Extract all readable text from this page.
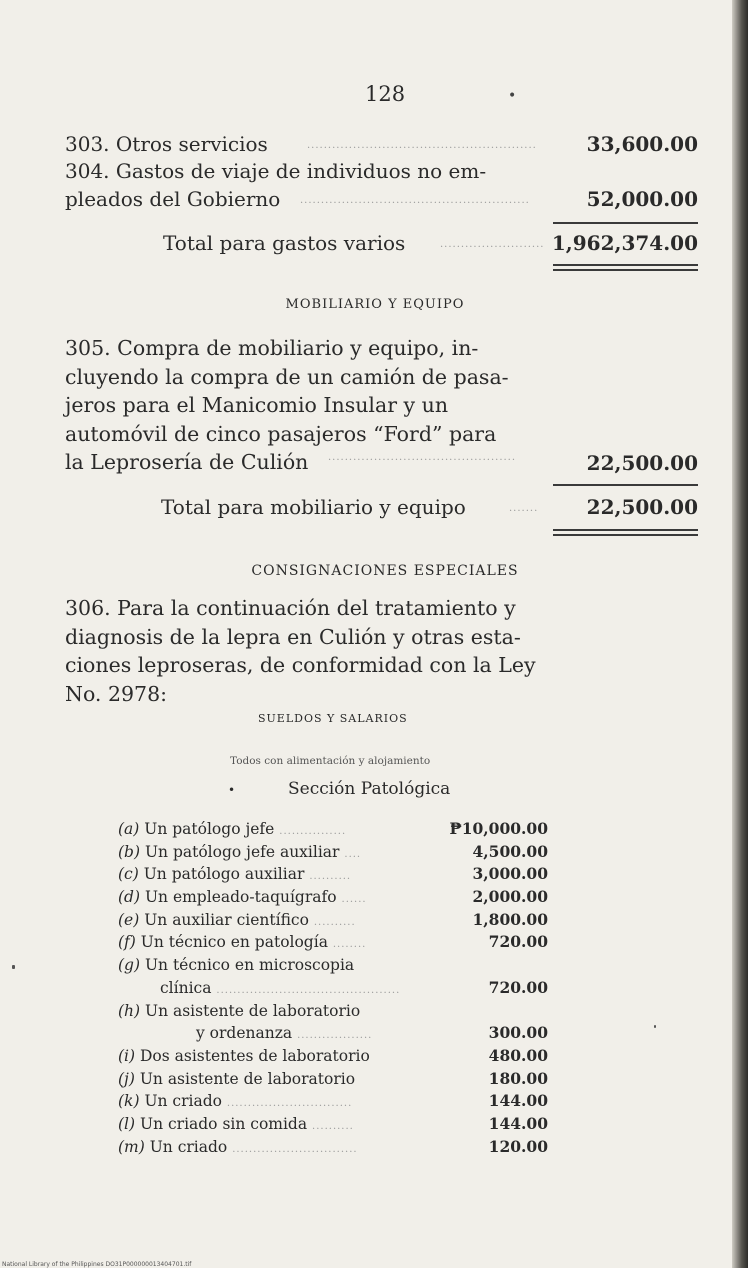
128	•
303. Otros servicios	....................................................... 33,600.00
304. Gastos de viaje de individuos no em-
pleados del Gobierno .......................................................	52,000.00
Total para gastos varios	......................... 1,962,374.00
MOBILIARIO Y EQUIPO

305. Compra de mobiliario y equipo, in-

cluyendo la compra de un camión de pasa-

jeros para el Manicomio Insular y un

automóvil de cinco pasajeros “Ford” para

la Leprosería de Culión	.............................................	22,500.00
Total para mobiliario y equipo	....... 22,500.00
CONSIGNACIONES ESPECIALES

306. Para la continuación del tratamiento y

diagnosis de la lepra en Culión y otras esta-

ciones leproseras, de conformidad con la Ley

No. 2978:

SUELDOS Y SALARIOS
Todos con alimentación y alojamiento
•	Sección Patológica
(a) Un patólogo jefe ................	₱10,000.00
(b) Un patólogo jefe auxiliar ....	4,500.00
(c) Un patólogo auxiliar ..........	3,000.00
(d) Un empleado-taquígrafo ......	2,000.00
(e) Un auxiliar científico ..........	1,800.00
(f) Un técnico en patología ........	720.00
(g) Un técnico en microscopia
clínica ............................................	720.00
(h) Un asistente de laboratorio
y ordenanza ..................	300.00
(i) Dos asistentes de laboratorio	480.00
(j) Un asistente de laboratorio	180.00
(k) Un criado ..............................	144.00
(l) Un criado sin comida ..........	144.00
(m) Un criado ..............................	120.00
National Library of the Philippines DO31P000000013404701.tif
